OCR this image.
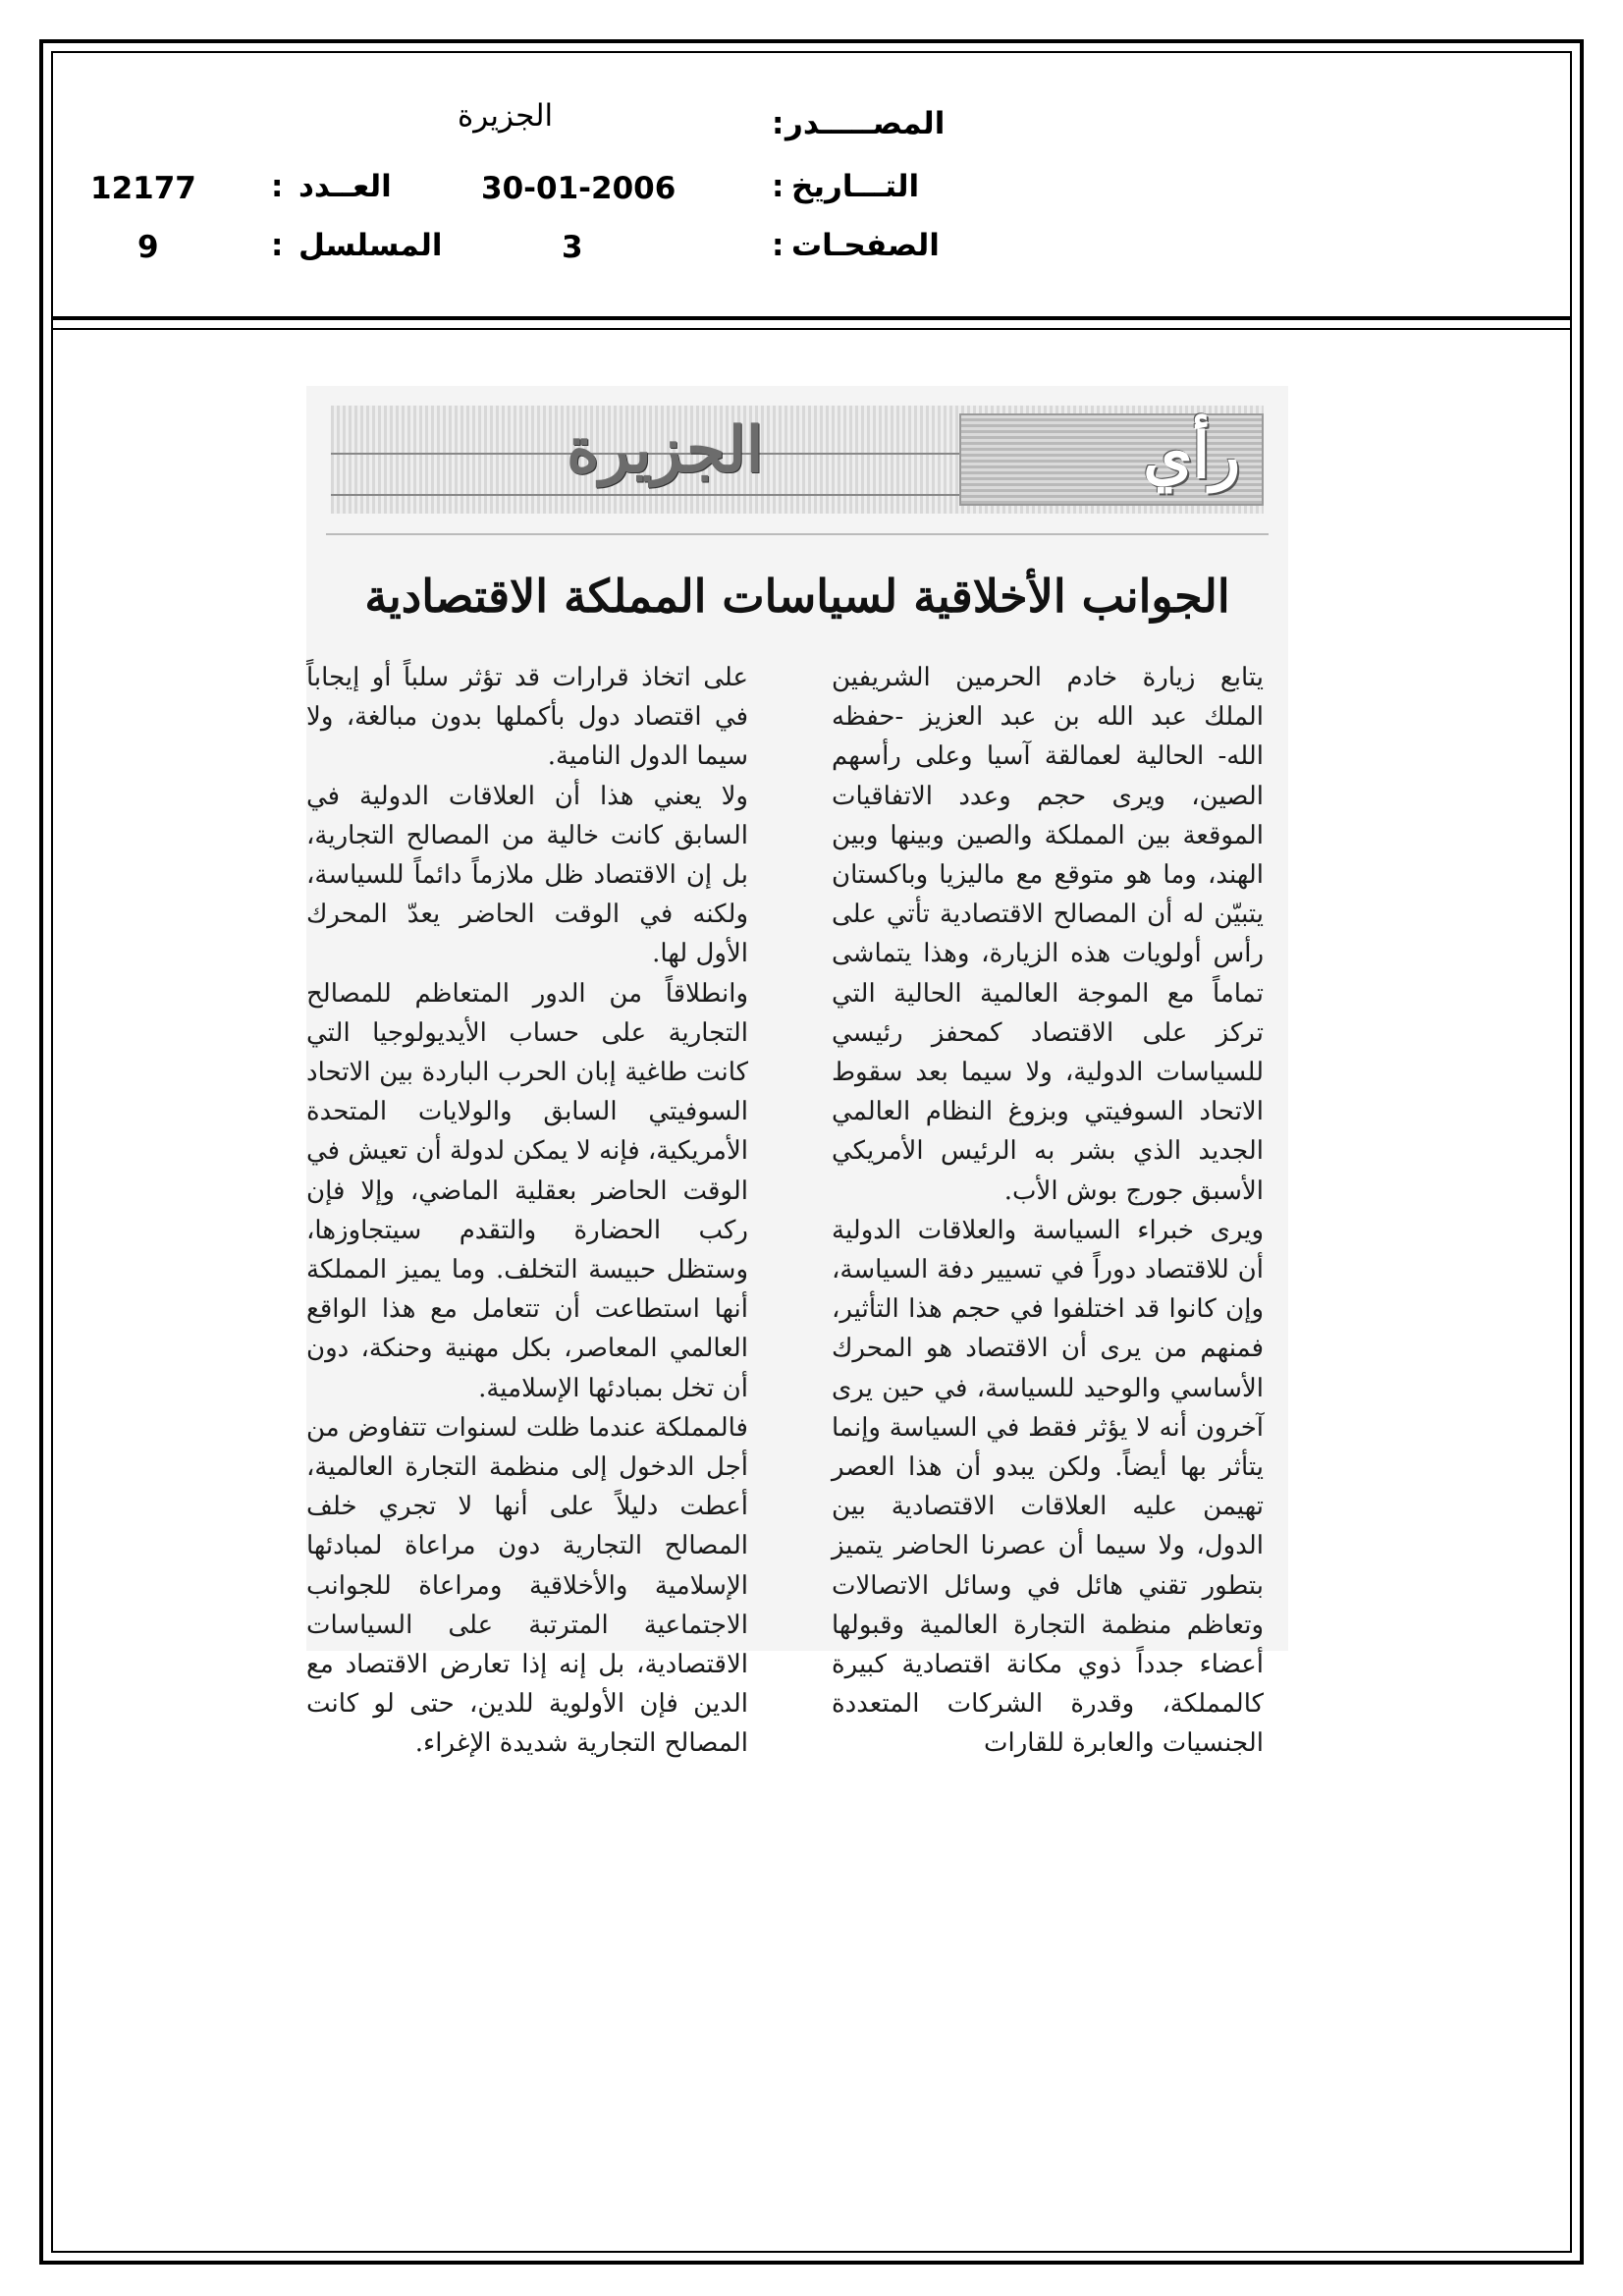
المصـــــدر
:
الجزيرة
التـــاريخ
:
30-01-2006
العــدد
:
12177
الصفحـات
:
3
المسلسل
:
9
رأي
الجزيرة
الجوانب الأخلاقية لسياسات المملكة الاقتصادية

يتابع زيارة خادم الحرمين الشريفين الملك عبد الله بن عبد العزيز -حفظه الله- الحالية لعمالقة آسيا وعلى رأسهم الصين، ويرى حجم وعدد الاتفاقيات الموقعة بين المملكة والصين وبينها وبين الهند، وما هو متوقع مع ماليزيا وباكستان يتبيّن له أن المصالح الاقتصادية تأتي على رأس أولويات هذه الزيارة، وهذا يتماشى تماماً مع الموجة العالمية الحالية التي تركز على الاقتصاد كمحفز رئيسي للسياسات الدولية، ولا سيما بعد سقوط الاتحاد السوفيتي وبزوغ النظام العالمي الجديد الذي بشر به الرئيس الأمريكي الأسبق جورج بوش الأب.

ويرى خبراء السياسة والعلاقات الدولية أن للاقتصاد دوراً في تسيير دفة السياسة، وإن كانوا قد اختلفوا في حجم هذا التأثير، فمنهم من يرى أن الاقتصاد هو المحرك الأساسي والوحيد للسياسة، في حين يرى آخرون أنه لا يؤثر فقط في السياسة وإنما يتأثر بها أيضاً. ولكن يبدو أن هذا العصر تهيمن عليه العلاقات الاقتصادية بين الدول، ولا سيما أن عصرنا الحاضر يتميز بتطور تقني هائل في وسائل الاتصالات وتعاظم منظمة التجارة العالمية وقبولها أعضاء جدداً ذوي مكانة اقتصادية كبيرة كالمملكة، وقدرة الشركات المتعددة الجنسيات والعابرة للقارات

على اتخاذ قرارات قد تؤثر سلباً أو إيجاباً في اقتصاد دول بأكملها بدون مبالغة، ولا سيما الدول النامية.

ولا يعني هذا أن العلاقات الدولية في السابق كانت خالية من المصالح التجارية، بل إن الاقتصاد ظل ملازماً دائماً للسياسة، ولكنه في الوقت الحاضر يعدّ المحرك الأول لها.

وانطلاقاً من الدور المتعاظم للمصالح التجارية على حساب الأيديولوجيا التي كانت طاغية إبان الحرب الباردة بين الاتحاد السوفيتي السابق والولايات المتحدة الأمريكية، فإنه لا يمكن لدولة أن تعيش في الوقت الحاضر بعقلية الماضي، وإلا فإن ركب الحضارة والتقدم سيتجاوزها، وستظل حبيسة التخلف. وما يميز المملكة أنها استطاعت أن تتعامل مع هذا الواقع العالمي المعاصر، بكل مهنية وحنكة، دون أن تخل بمبادئها الإسلامية.

فالمملكة عندما ظلت لسنوات تتفاوض من أجل الدخول إلى منظمة التجارة العالمية، أعطت دليلاً على أنها لا تجري خلف المصالح التجارية دون مراعاة لمبادئها الإسلامية والأخلاقية ومراعاة للجوانب الاجتماعية المترتبة على السياسات الاقتصادية، بل إنه إذا تعارض الاقتصاد مع الدين فإن الأولوية للدين، حتى لو كانت المصالح التجارية شديدة الإغراء.
